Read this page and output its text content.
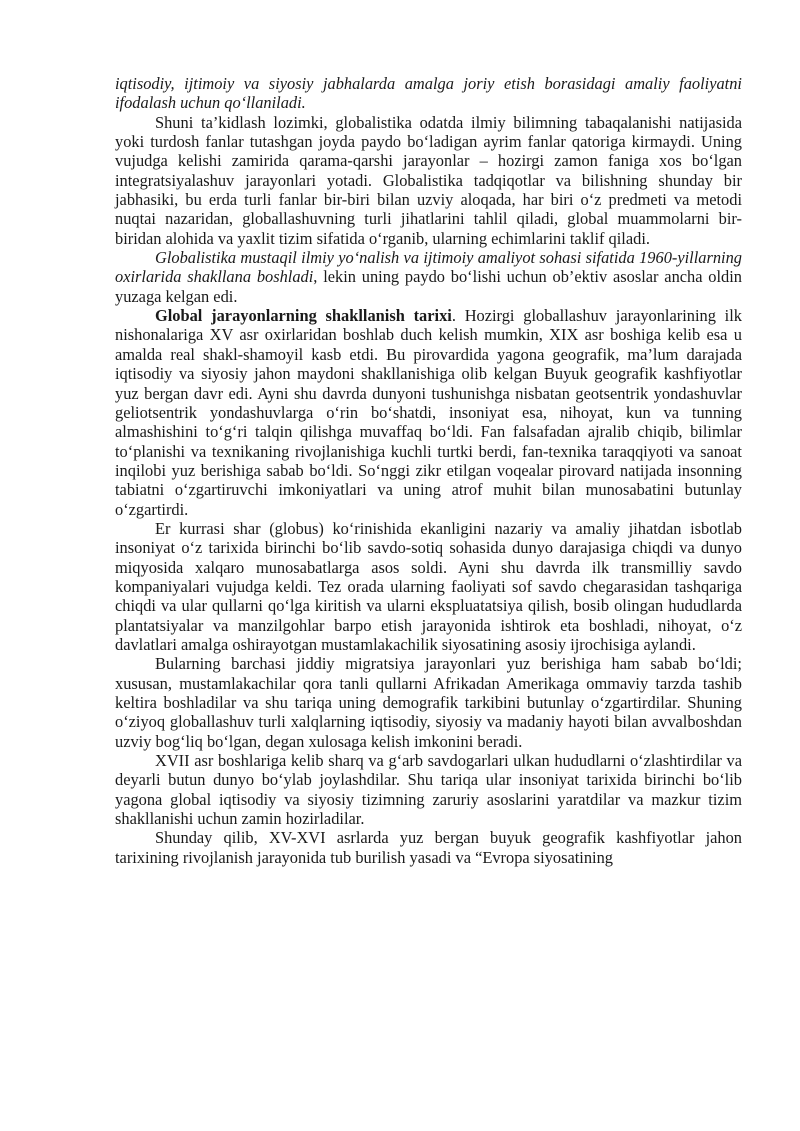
iqtisodiy, ijtimoiy va siyosiy jabhalarda amalga joriy etish borasidagi amaliy faoliyatni ifodalash uchun qo‘llaniladi.

Shuni ta’kidlash lozimki, globalistika odatda ilmiy bilimning tabaqalanishi natijasida yoki turdosh fanlar tutashgan joyda paydo bo‘ladigan ayrim fanlar qatoriga kirmaydi. Uning vujudga kelishi zamirida qarama-qarshi jarayonlar – hozirgi zamon faniga xos bo‘lgan integratsiyalashuv jarayonlari yotadi. Globalistika tadqiqotlar va bilishning shunday bir jabhasiki, bu erda turli fanlar bir-biri bilan uzviy aloqada, har biri o‘z predmeti va metodi nuqtai nazaridan, globallashuvning turli jihatlarini tahlil qiladi, global muammolarni bir-biridan alohida va yaxlit tizim sifatida o‘rganib, ularning echimlarini taklif qiladi.

Globalistika mustaqil ilmiy yo‘nalish va ijtimoiy amaliyot sohasi sifatida 1960-yillarning oxirlarida shakllana boshladi, lekin uning paydo bo‘lishi uchun ob’ektiv asoslar ancha oldin yuzaga kelgan edi.

Global jarayonlarning shakllanish tarixi. Hozirgi globallashuv jarayonlarining ilk nishonalariga XV asr oxirlaridan boshlab duch kelish mumkin, XIX asr boshiga kelib esa u amalda real shakl-shamoyil kasb etdi. Bu pirovardida yagona geografik, ma’lum darajada iqtisodiy va siyosiy jahon maydoni shakllanishiga olib kelgan Buyuk geografik kashfiyotlar yuz bergan davr edi. Ayni shu davrda dunyoni tushunishga nisbatan geotsentrik yondashuvlar geliotsentrik yondashuvlarga o‘rin bo‘shatdi, insoniyat esa, nihoyat, kun va tunning almashishini to‘g‘ri talqin qilishga muvaffaq bo‘ldi. Fan falsafadan ajralib chiqib, bilimlar to‘planishi va texnikaning rivojlanishiga kuchli turtki berdi, fan-texnika taraqqiyoti va sanoat inqilobi yuz berishiga sabab bo‘ldi. So‘nggi zikr etilgan voqealar pirovard natijada insonning tabiatni o‘zgartiruvchi imkoniyatlari va uning atrof muhit bilan munosabatini butunlay o‘zgartirdi.

Er kurrasi shar (globus) ko‘rinishida ekanligini nazariy va amaliy jihatdan isbotlab insoniyat o‘z tarixida birinchi bo‘lib savdo-sotiq sohasida dunyo darajasiga chiqdi va dunyo miqyosida xalqaro munosabatlarga asos soldi. Ayni shu davrda ilk transmilliy savdo kompaniyalari vujudga keldi. Tez orada ularning faoliyati sof savdo chegarasidan tashqariga chiqdi va ular qullarni qo‘lga kiritish va ularni ekspluatatsiya qilish, bosib olingan hududlarda plantatsiyalar va manzilgohlar barpo etish jarayonida ishtirok eta boshladi, nihoyat, o‘z davlatlari amalga oshirayotgan mustamlakachilik siyosatining asosiy ijrochisiga aylandi.

Bularning barchasi jiddiy migratsiya jarayonlari yuz berishiga ham sabab bo‘ldi; xususan, mustamlakachilar qora tanli qullarni Afrikadan Amerikaga ommaviy tarzda tashib keltira boshladilar va shu tariqa uning demografik tarkibini butunlay o‘zgartirdilar. Shuning o‘ziyoq globallashuv turli xalqlarning iqtisodiy, siyosiy va madaniy hayoti bilan avvalboshdan uzviy bog‘liq bo‘lgan, degan xulosaga kelish imkonini beradi.

XVII asr boshlariga kelib sharq va g‘arb savdogarlari ulkan hududlarni o‘zlashtirdilar va deyarli butun dunyo bo‘ylab joylashdilar. Shu tariqa ular insoniyat tarixida birinchi bo‘lib yagona global iqtisodiy va siyosiy tizimning zaruriy asoslarini yaratdilar va mazkur tizim shakllanishi uchun zamin hozirladilar.

Shunday qilib, XV-XVI asrlarda yuz bergan buyuk geografik kashfiyotlar jahon tarixining rivojlanish jarayonida tub burilish yasadi va “Evropa siyosatining
